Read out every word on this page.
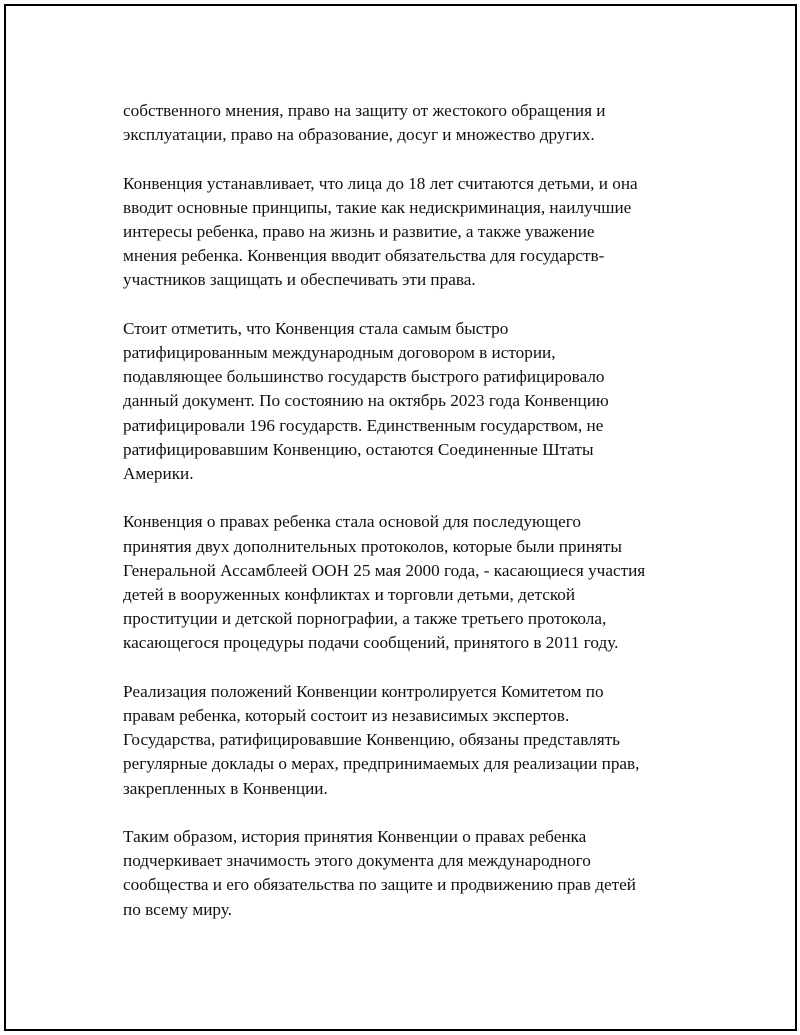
собственного мнения, право на защиту от жестокого обращения и
эксплуатации, право на образование, досуг и множество других.

Конвенция устанавливает, что лица до 18 лет считаются детьми, и она
вводит основные принципы, такие как недискриминация, наилучшие
интересы ребенка, право на жизнь и развитие, а также уважение
мнения ребенка. Конвенция вводит обязательства для государств-
участников защищать и обеспечивать эти права.

Стоит отметить, что Конвенция стала самым быстро
ратифицированным международным договором в истории,
подавляющее большинство государств быстрого ратифицировало
данный документ. По состоянию на октябрь 2023 года Конвенцию
ратифицировали 196 государств. Единственным государством, не
ратифицировавшим Конвенцию, остаются Соединенные Штаты
Америки.

Конвенция о правах ребенка стала основой для последующего
принятия двух дополнительных протоколов, которые были приняты
Генеральной Ассамблеей ООН 25 мая 2000 года, - касающиеся участия
детей в вооруженных конфликтах и торговли детьми, детской
проституции и детской порнографии, а также третьего протокола,
касающегося процедуры подачи сообщений, принятого в 2011 году.

Реализация положений Конвенции контролируется Комитетом по
правам ребенка, который состоит из независимых экспертов.
Государства, ратифицировавшие Конвенцию, обязаны представлять
регулярные доклады о мерах, предпринимаемых для реализации прав,
закрепленных в Конвенции.

Таким образом, история принятия Конвенции о правах ребенка
подчеркивает значимость этого документа для международного
сообщества и его обязательства по защите и продвижению прав детей
по всему миру.
